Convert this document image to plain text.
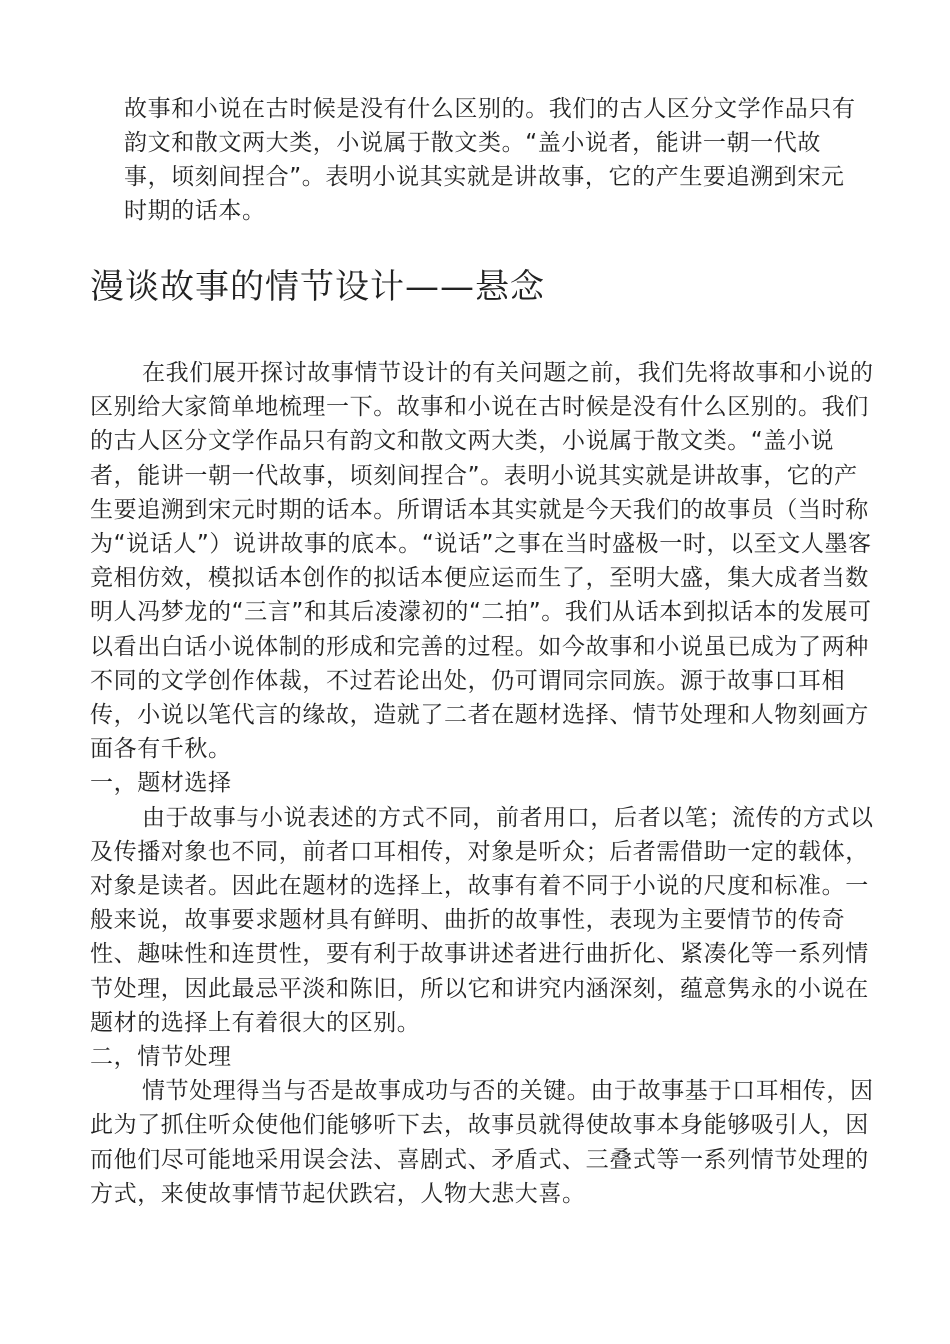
故事和小说在古时候是没有什么区别的。我们的古人区分文学作品只有韵文和散文两大类，小说属于散文类。“盖小说者，能讲一朝一代故事，顷刻间捏合”。表明小说其实就是讲故事，它的产生要追溯到宋元时期的话本。

漫谈故事的情节设计——悬念

在我们展开探讨故事情节设计的有关问题之前，我们先将故事和小说的区别给大家简单地梳理一下。故事和小说在古时候是没有什么区别的。我们的古人区分文学作品只有韵文和散文两大类，小说属于散文类。“盖小说者，能讲一朝一代故事，顷刻间捏合”。表明小说其实就是讲故事，它的产生要追溯到宋元时期的话本。所谓话本其实就是今天我们的故事员（当时称为“说话人”）说讲故事的底本。“说话”之事在当时盛极一时，以至文人墨客竞相仿效，模拟话本创作的拟话本便应运而生了，至明大盛，集大成者当数明人冯梦龙的“三言”和其后凌濛初的“二拍”。我们从话本到拟话本的发展可以看出白话小说体制的形成和完善的过程。如今故事和小说虽已成为了两种不同的文学创作体裁，不过若论出处，仍可谓同宗同族。源于故事口耳相传，小说以笔代言的缘故，造就了二者在题材选择、情节处理和人物刻画方面各有千秋。

一，题材选择

由于故事与小说表述的方式不同，前者用口，后者以笔；流传的方式以及传播对象也不同，前者口耳相传，对象是听众；后者需借助一定的载体，对象是读者。因此在题材的选择上，故事有着不同于小说的尺度和标准。一般来说，故事要求题材具有鲜明、曲折的故事性，表现为主要情节的传奇性、趣味性和连贯性，要有利于故事讲述者进行曲折化、紧凑化等一系列情节处理，因此最忌平淡和陈旧，所以它和讲究内涵深刻，蕴意隽永的小说在题材的选择上有着很大的区别。

二，情节处理

情节处理得当与否是故事成功与否的关键。由于故事基于口耳相传，因此为了抓住听众使他们能够听下去，故事员就得使故事本身能够吸引人，因而他们尽可能地采用误会法、喜剧式、矛盾式、三叠式等一系列情节处理的方式，来使故事情节起伏跌宕，人物大悲大喜。
